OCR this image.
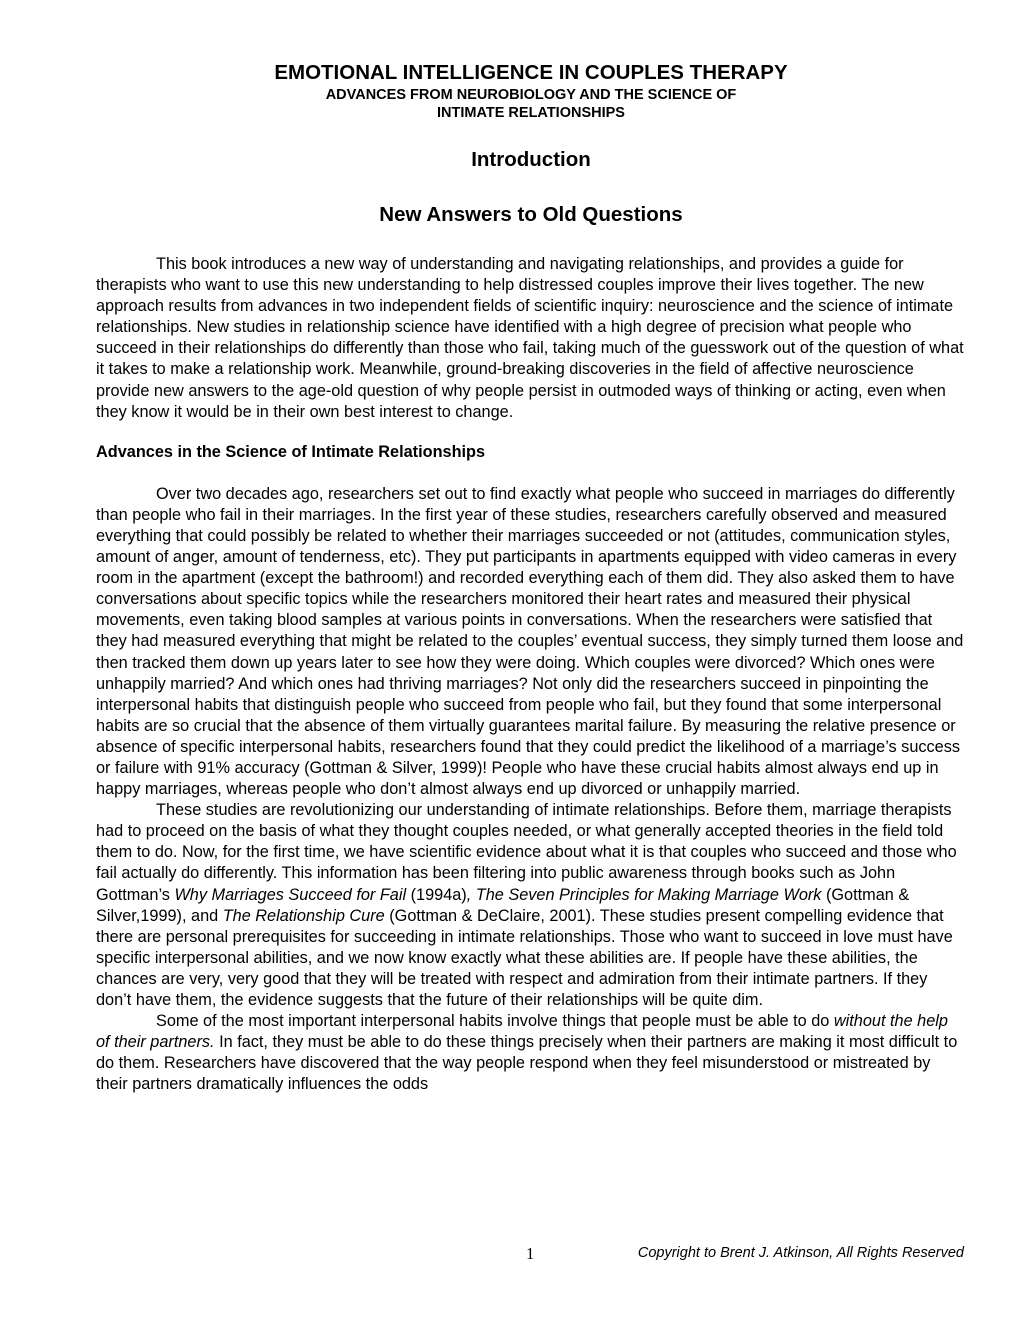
EMOTIONAL INTELLIGENCE IN COUPLES THERAPY
ADVANCES FROM NEUROBIOLOGY AND THE SCIENCE OF
INTIMATE RELATIONSHIPS
Introduction
New Answers to Old Questions

This book introduces a new way of understanding and navigating relationships, and provides a guide for therapists who want to use this new understanding to help distressed couples improve their lives together. The new approach results from advances in two independent fields of scientific inquiry: neuroscience and the science of intimate relationships. New studies in relationship science have identified with a high degree of precision what people who succeed in their relationships do differently than those who fail, taking much of the guesswork out of the question of what it takes to make a relationship work. Meanwhile, ground-breaking discoveries in the field of affective neuroscience provide new answers to the age-old question of why people persist in outmoded ways of thinking or acting, even when they know it would be in their own best interest to change.

Advances in the Science of Intimate Relationships

Over two decades ago, researchers set out to find exactly what people who succeed in marriages do differently than people who fail in their marriages. In the first year of these studies, researchers carefully observed and measured everything that could possibly be related to whether their marriages succeeded or not (attitudes, communication styles, amount of anger, amount of tenderness, etc). They put participants in apartments equipped with video cameras in every room in the apartment (except the bathroom!) and recorded everything each of them did. They also asked them to have conversations about specific topics while the researchers monitored their heart rates and measured their physical movements, even taking blood samples at various points in conversations. When the researchers were satisfied that they had measured everything that might be related to the couples’ eventual success, they simply turned them loose and then tracked them down up years later to see how they were doing. Which couples were divorced? Which ones were unhappily married? And which ones had thriving marriages? Not only did the researchers succeed in pinpointing the interpersonal habits that distinguish people who succeed from people who fail, but they found that some interpersonal habits are so crucial that the absence of them virtually guarantees marital failure. By measuring the relative presence or absence of specific interpersonal habits, researchers found that they could predict the likelihood of a marriage’s success or failure with 91% accuracy (Gottman & Silver, 1999)! People who have these crucial habits almost always end up in happy marriages, whereas people who don’t almost always end up divorced or unhappily married.

These studies are revolutionizing our understanding of intimate relationships. Before them, marriage therapists had to proceed on the basis of what they thought couples needed, or what generally accepted theories in the field told them to do. Now, for the first time, we have scientific evidence about what it is that couples who succeed and those who fail actually do differently. This information has been filtering into public awareness through books such as John Gottman’s Why Marriages Succeed for Fail (1994a), The Seven Principles for Making Marriage Work (Gottman & Silver,1999), and The Relationship Cure (Gottman & DeClaire, 2001). These studies present compelling evidence that there are personal prerequisites for succeeding in intimate relationships. Those who want to succeed in love must have specific interpersonal abilities, and we now know exactly what these abilities are. If people have these abilities, the chances are very, very good that they will be treated with respect and admiration from their intimate partners. If they don’t have them, the evidence suggests that the future of their relationships will be quite dim.

Some of the most important interpersonal habits involve things that people must be able to do without the help of their partners. In fact, they must be able to do these things precisely when their partners are making it most difficult to do them. Researchers have discovered that the way people respond when they feel misunderstood or mistreated by their partners dramatically influences the odds

1	Copyright to Brent J. Atkinson, All Rights Reserved
